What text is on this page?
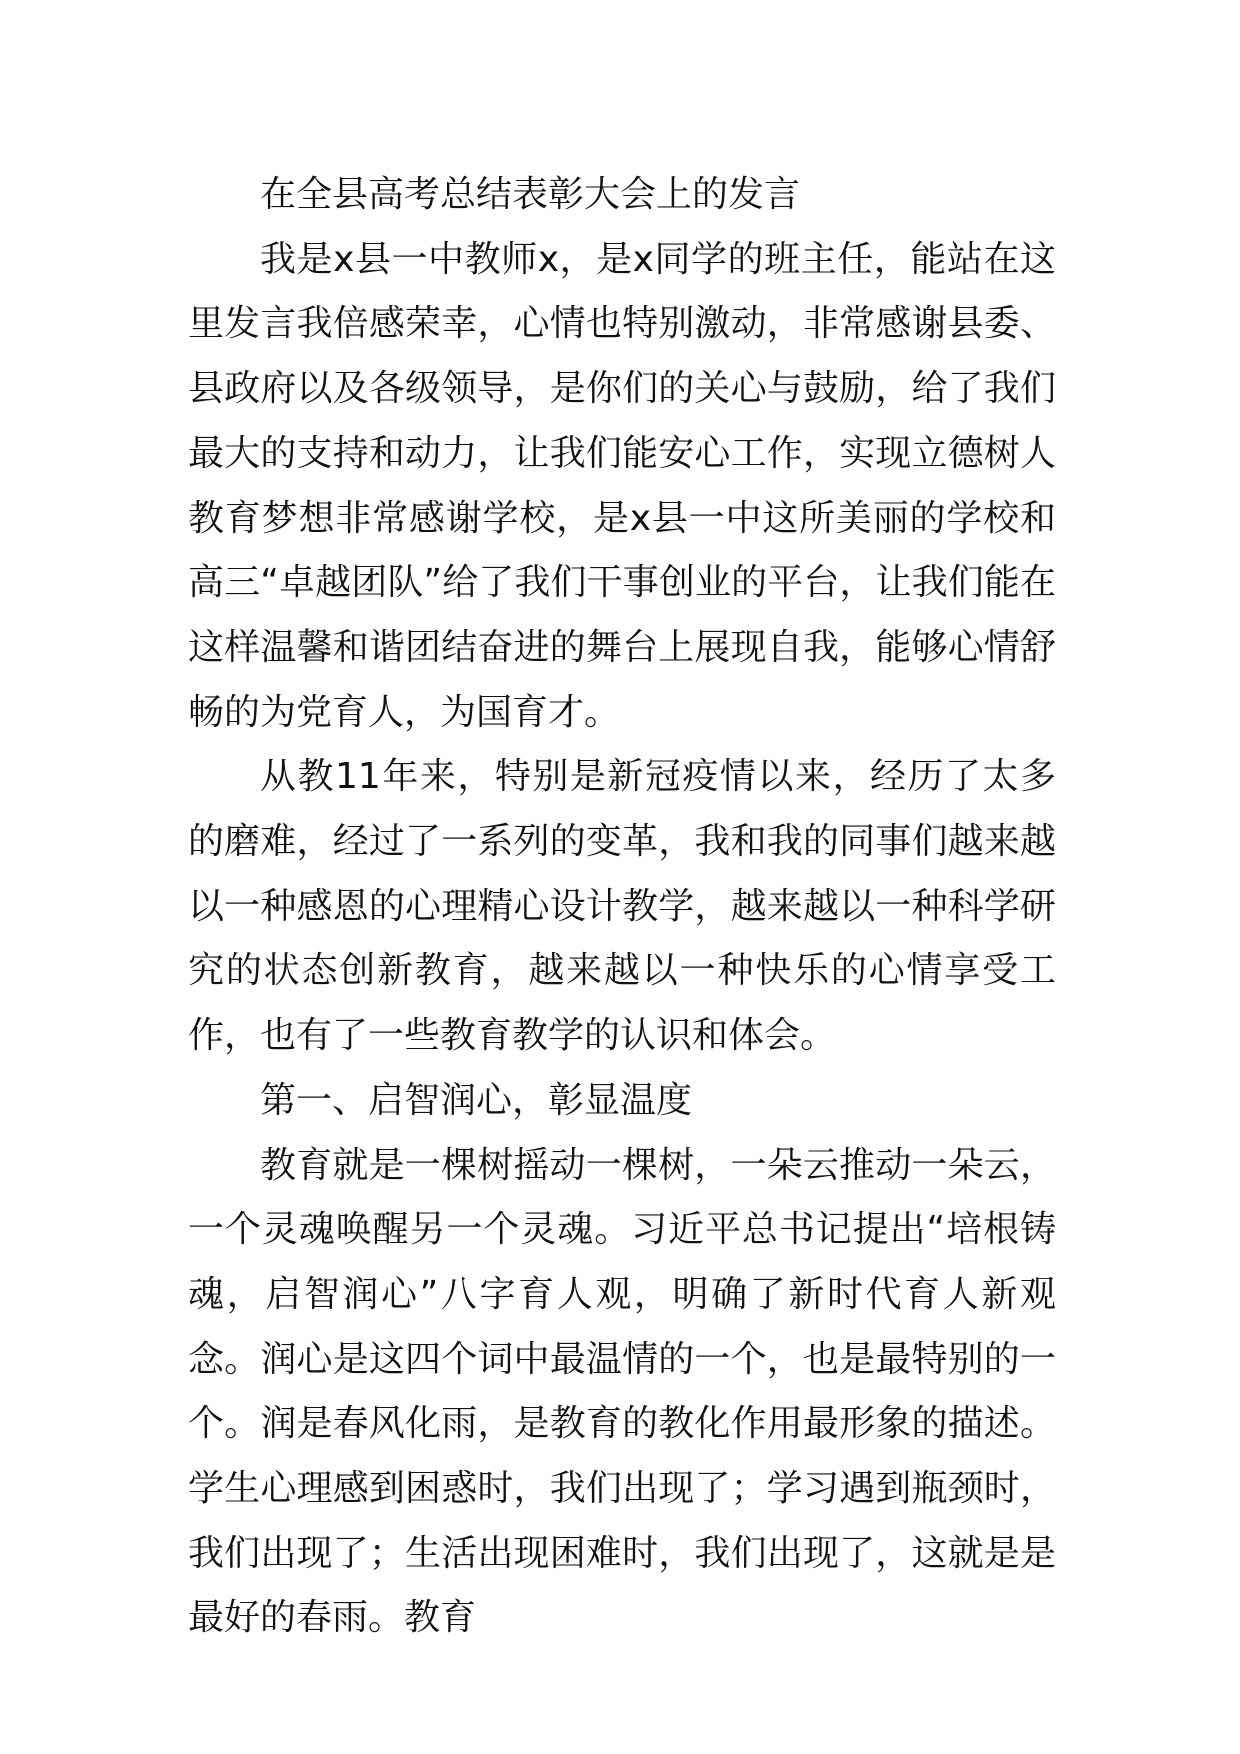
在全县高考总结表彰大会上的发言

我是x县一中教师x，是x同学的班主任，能站在这里发言我倍感荣幸，心情也特别激动，非常感谢县委、县政府以及各级领导，是你们的关心与鼓励，给了我们最大的支持和动力，让我们能安心工作，实现立德树人教育梦想非常感谢学校，是x县一中这所美丽的学校和高三“卓越团队”给了我们干事创业的平台，让我们能在这样温馨和谐团结奋进的舞台上展现自我，能够心情舒畅的为党育人，为国育才。

从教11年来，特别是新冠疫情以来，经历了太多的磨难，经过了一系列的变革，我和我的同事们越来越以一种感恩的心理精心设计教学，越来越以一种科学研究的状态创新教育，越来越以一种快乐的心情享受工作，也有了一些教育教学的认识和体会。

第一、启智润心，彰显温度

教育就是一棵树摇动一棵树，一朵云推动一朵云，一个灵魂唤醒另一个灵魂。习近平总书记提出“培根铸魂，启智润心”八字育人观，明确了新时代育人新观念。润心是这四个词中最温情的一个，也是最特别的一个。润是春风化雨，是教育的教化作用最形象的描述。学生心理感到困惑时，我们出现了；学习遇到瓶颈时，我们出现了；生活出现困难时，我们出现了，这就是是最好的春雨。教育
